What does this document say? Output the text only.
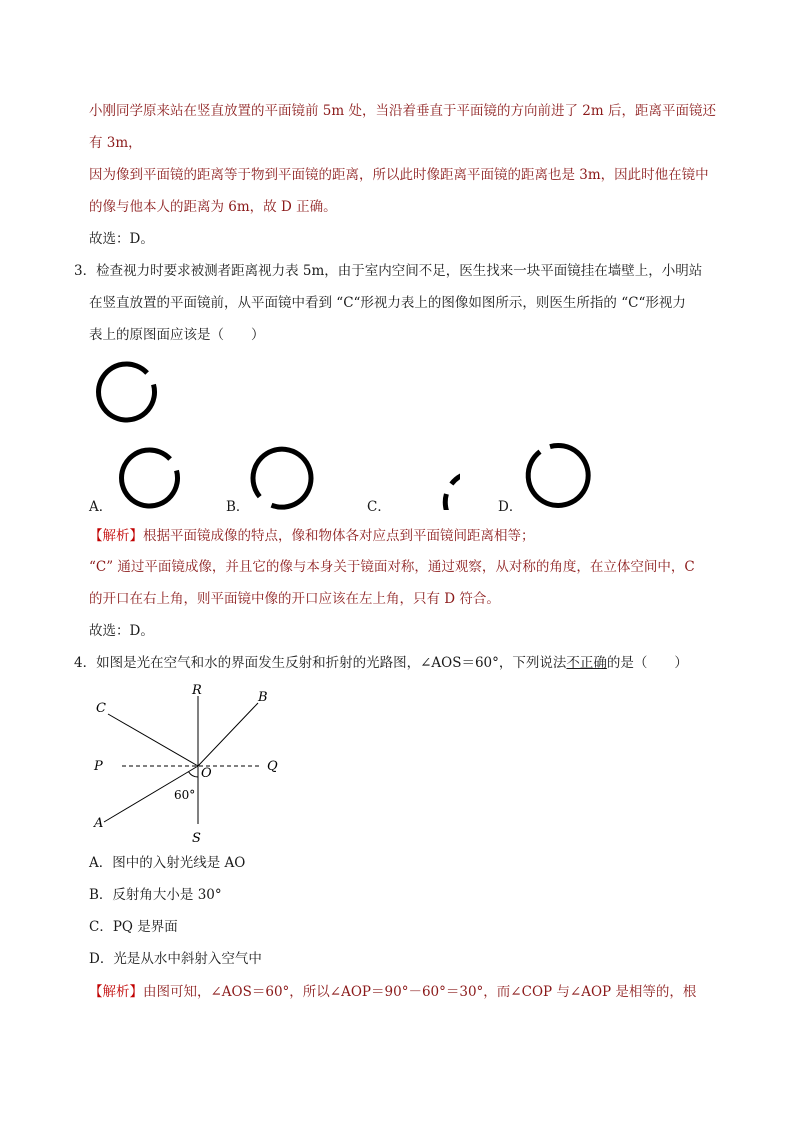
小刚同学原来站在竖直放置的平面镜前 5m 处，当沿着垂直于平面镜的方向前进了 2m 后，距离平面镜还
有 3m，
因为像到平面镜的距离等于物到平面镜的距离，所以此时像距离平面镜的距离也是 3m，因此时他在镜中
的像与他本人的距离为 6m，故 D 正确。
故选：D。
3．检查视力时要求被测者距离视力表 5m，由于室内空间不足，医生找来一块平面镜挂在墙壁上，小明站
在竖直放置的平面镜前，从平面镜中看到 “C“形视力表上的图像如图所示，则医生所指的 “C“形视力
表上的原图面应该是（　　）
A．	B．	C．	D．
【解析】根据平面镜成像的特点，像和物体各对应点到平面镜间距离相等；
“C” 通过平面镜成像，并且它的像与本身关于镜面对称，通过观察，从对称的角度，在立体空间中，C
的开口在右上角，则平面镜中像的开口应该在左上角，只有 D 符合。
故选：D。
4．如图是光在空气和水的界面发生反射和折射的光路图，∠AOS＝60°，下列说法不正确的是（　　）
R	B
C
P	O	Q
60°
A
S
A．图中的入射光线是 AO
B．反射角大小是 30°
C．PQ 是界面
D．光是从水中斜射入空气中
【解析】由图可知，∠AOS＝60°，所以∠AOP＝90°－60°＝30°，而∠COP 与∠AOP 是相等的，根
